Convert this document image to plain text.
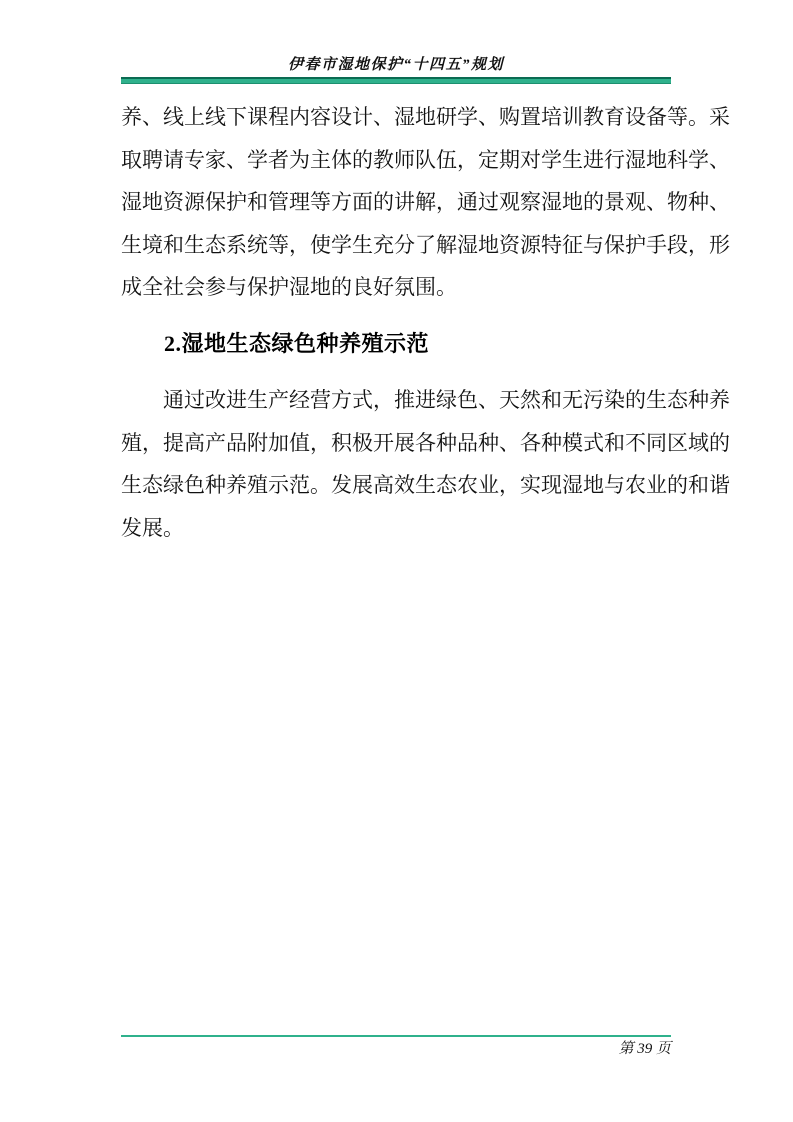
伊春市湿地保护“十四五”规划
养、线上线下课程内容设计、湿地研学、购置培训教育设备等。采
取聘请专家、学者为主体的教师队伍，定期对学生进行湿地科学、
湿地资源保护和管理等方面的讲解，通过观察湿地的景观、物种、
生境和生态系统等，使学生充分了解湿地资源特征与保护手段，形
成全社会参与保护湿地的良好氛围。
2.湿地生态绿色种养殖示范
通过改进生产经营方式，推进绿色、天然和无污染的生态种养
殖，提高产品附加值，积极开展各种品种、各种模式和不同区域的
生态绿色种养殖示范。发展高效生态农业，实现湿地与农业的和谐
发展。
第 39 页
